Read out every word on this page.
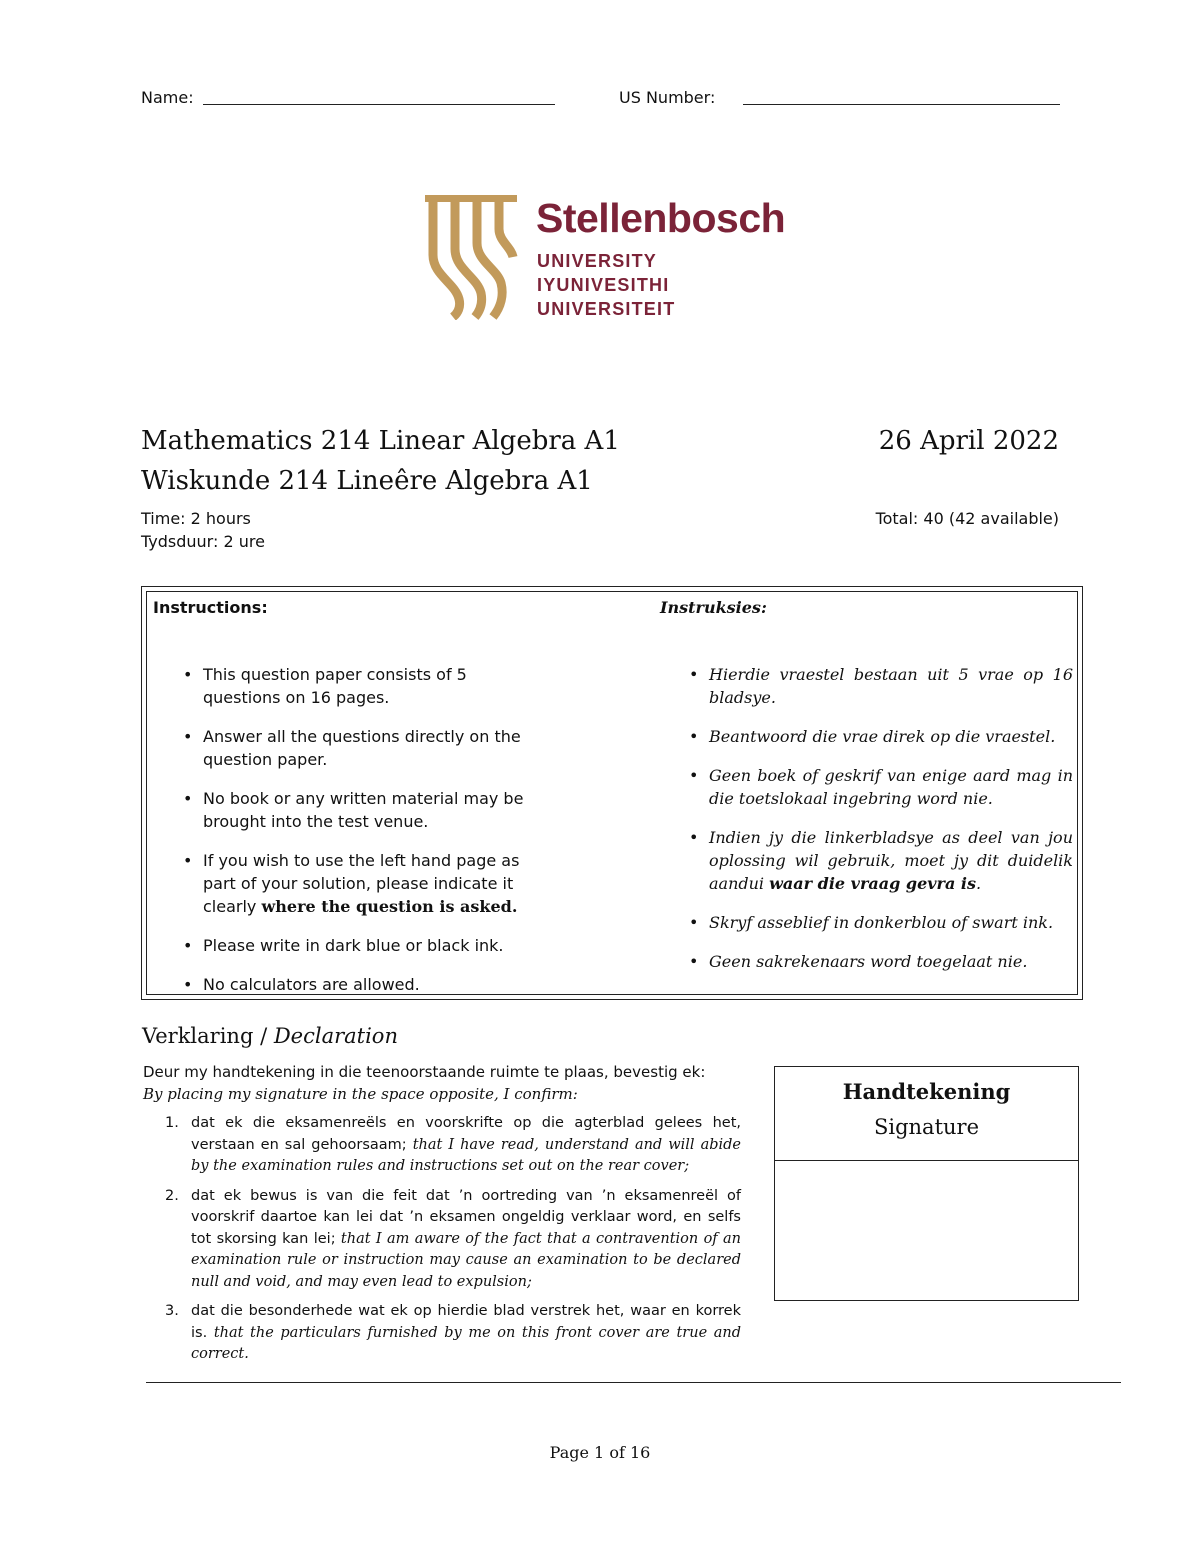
Name:	US Number:
Stellenbosch
UNIVERSITY
IYUNIVESITHI
UNIVERSITEIT
Mathematics 214 Linear Algebra A1	26 April 2022
Wiskunde 214 Lineêre Algebra A1
Time: 2 hours	Total: 40 (42 available)
Tydsduur: 2 ure
Instructions:	Instruksies:
• This question paper consists of 5 questions on 16 pages.
• Answer all the questions directly on the question paper.
• No book or any written material may be brought into the test venue.
• If you wish to use the left hand page as part of your solution, please indicate it clearly where the question is asked.
• Please write in dark blue or black ink.
• No calculators are allowed.
• Hierdie vraestel bestaan uit 5 vrae op 16 bladsye.
• Beantwoord die vrae direk op die vraestel.
• Geen boek of geskrif van enige aard mag in die toetslokaal ingebring word nie.
• Indien jy die linkerbladsye as deel van jou oplossing wil gebruik, moet jy dit duidelik aandui waar die vraag gevra is.
• Skryf asseblief in donkerblou of swart ink.
• Geen sakrekenaars word toegelaat nie.
Verklaring / Declaration
Deur my handtekening in die teenoorstaande ruimte te plaas, bevestig ek:
By placing my signature in the space opposite, I confirm:
1. dat ek die eksamenreëls en voorskrifte op die agterblad gelees het, verstaan en sal gehoorsaam; that I have read, understand and will abide by the examination rules and instructions set out on the rear cover;
2. dat ek bewus is van die feit dat ’n oortreding van ’n eksamenreël of voorskrif daartoe kan lei dat ’n eksamen ongeldig verklaar word, en selfs tot skorsing kan lei; that I am aware of the fact that a contravention of an examination rule or instruction may cause an examination to be declared null and void, and may even lead to expulsion;
3. dat die besonderhede wat ek op hierdie blad verstrek het, waar en korrek is. that the particulars furnished by me on this front cover are true and correct.
Handtekening
Signature
Page 1 of 16
